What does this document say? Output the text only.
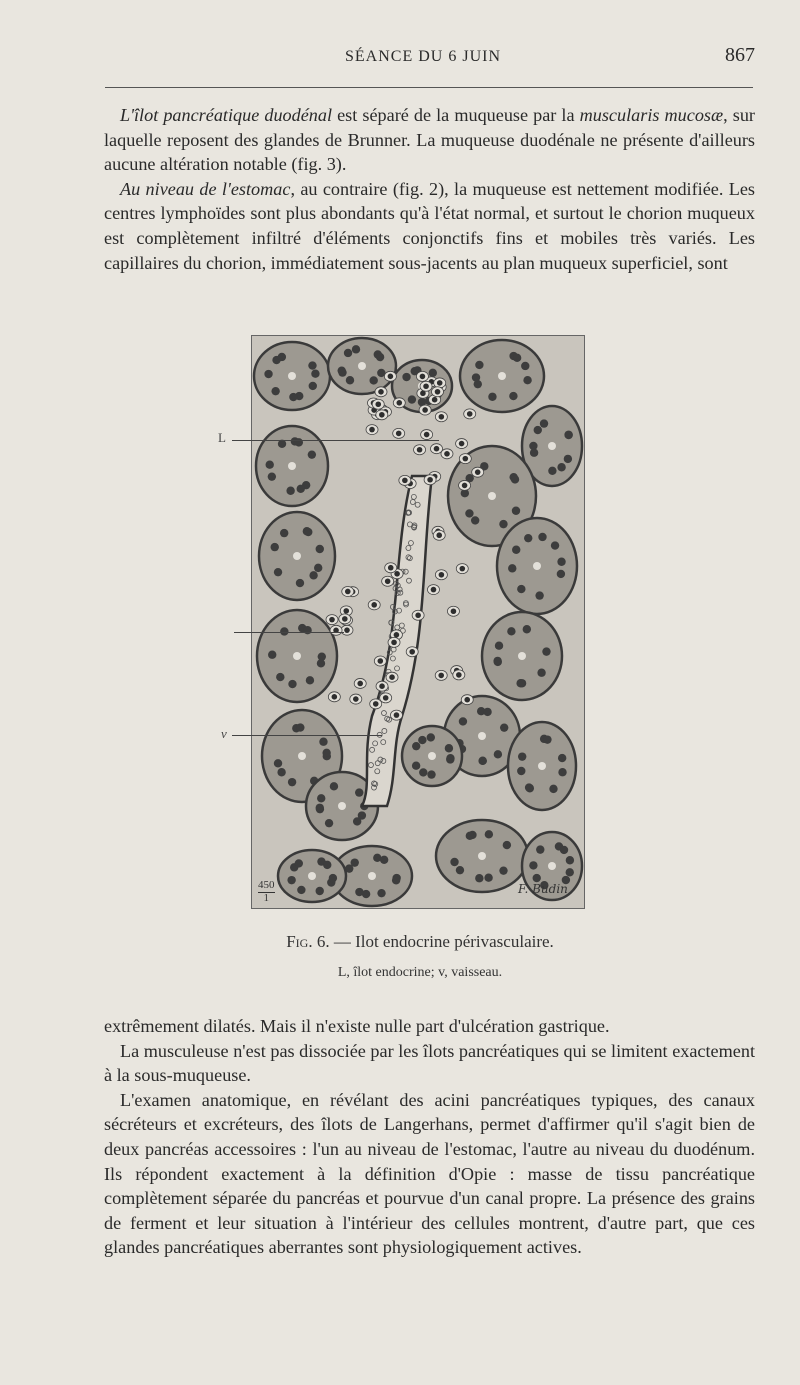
SÉANCE DU 6 JUIN	867

L'îlot pancréatique duodénal est séparé de la muqueuse par la muscularis mucosæ, sur laquelle reposent des glandes de Brunner. La muqueuse duodénale ne présente d'ailleurs aucune altération notable (fig. 3).

Au niveau de l'estomac, au contraire (fig. 2), la muqueuse est nettement modifiée. Les centres lymphoïdes sont plus abondants qu'à l'état normal, et surtout le chorion muqueux est complètement infiltré d'éléments conjonctifs fins et mobiles très variés. Les capillaires du chorion, immédiatement sous-jacents au plan muqueux superficiel, sont

L
v
450
1
F. Budin
Fig. 6. — Ilot endocrine périvasculaire.
L, îlot endocrine; v, vaisseau.

extrêmement dilatés. Mais il n'existe nulle part d'ulcération gastrique.

La musculeuse n'est pas dissociée par les îlots pancréatiques qui se limitent exactement à la sous-muqueuse.

L'examen anatomique, en révélant des acini pancréatiques typiques, des canaux sécréteurs et excréteurs, des îlots de Langerhans, permet d'affirmer qu'il s'agit bien de deux pancréas accessoires : l'un au niveau de l'estomac, l'autre au niveau du duodénum. Ils répondent exactement à la définition d'Opie : masse de tissu pancréatique complètement séparée du pancréas et pourvue d'un canal propre. La présence des grains de ferment et leur situation à l'intérieur des cellules montrent, d'autre part, que ces glandes pancréatiques aberrantes sont physiologiquement actives.
